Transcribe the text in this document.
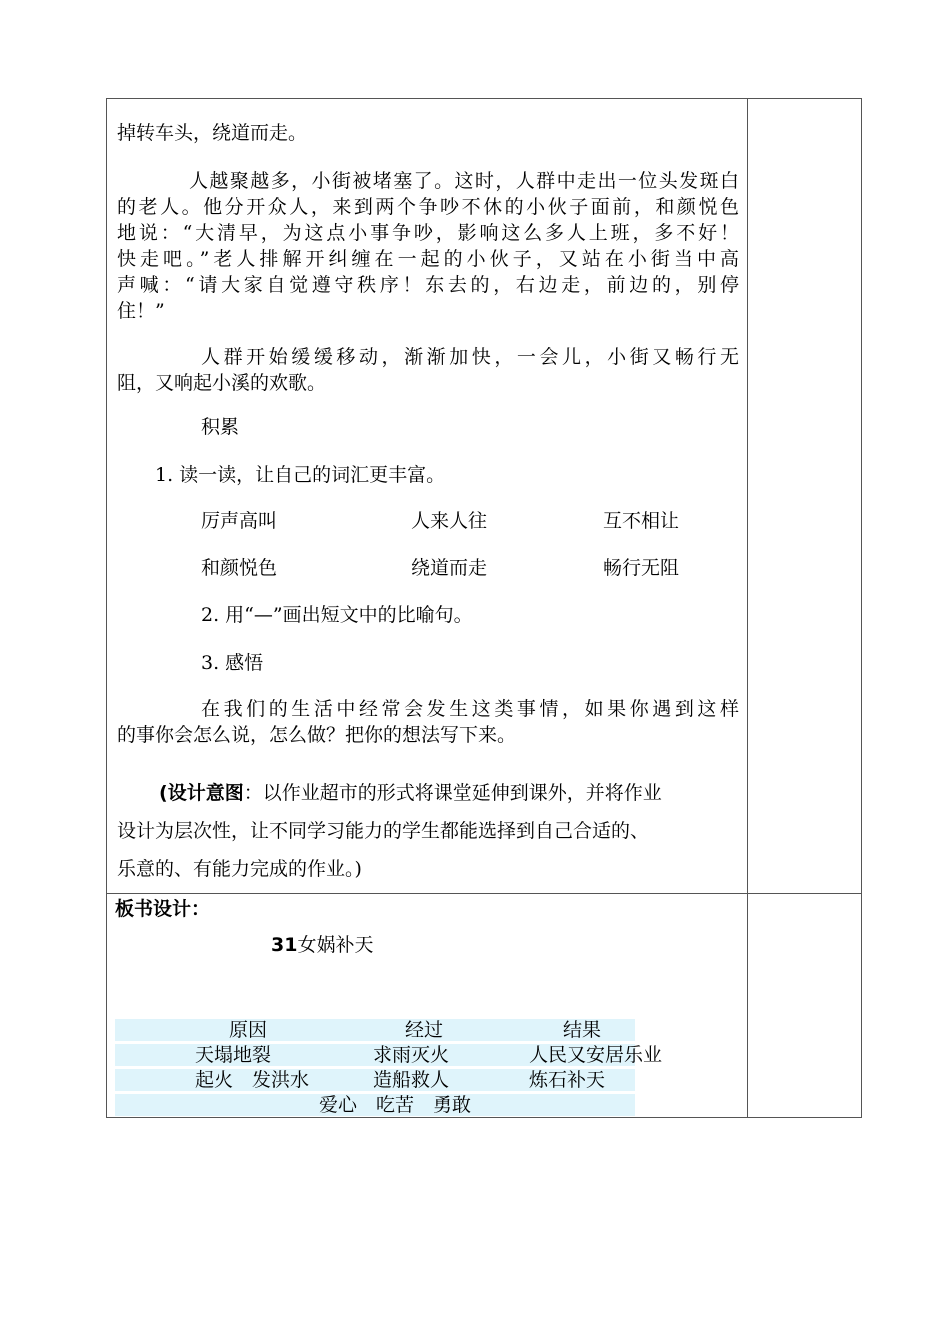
掉转车头，绕道而走。
人越聚越多，小街被堵塞了。这时，人群中走出一位头发斑白
的老人。他分开众人，来到两个争吵不休的小伙子面前，和颜悦色
地说：“大清早，为这点小事争吵，影响这么多人上班，多不好！
快走吧。”老人排解开纠缠在一起的小伙子，又站在小街当中高
声喊：“请大家自觉遵守秩序！东去的，右边走，前边的，别停
住！”
人群开始缓缓移动，渐渐加快，一会儿，小街又畅行无
阻，又响起小溪的欢歌。
积累
1. 读一读，让自己的词汇更丰富。
厉声高叫	人来人往	互不相让
和颜悦色	绕道而走	畅行无阻
2. 用“—”画出短文中的比喻句。
3. 感悟
在我们的生活中经常会发生这类事情，如果你遇到这样
的事你会怎么说，怎么做？把你的想法写下来。
(设计意图：以作业超市的形式将课堂延伸到课外，并将作业
设计为层次性，让不同学习能力的学生都能选择到自己合适的、
乐意的、有能力完成的作业。)
板书设计：
31女娲补天
原因	经过	结果
天塌地裂	求雨灭火	人民又安居乐业
起火　发洪水	造船救人	炼石补天
爱心　吃苦　勇敢
